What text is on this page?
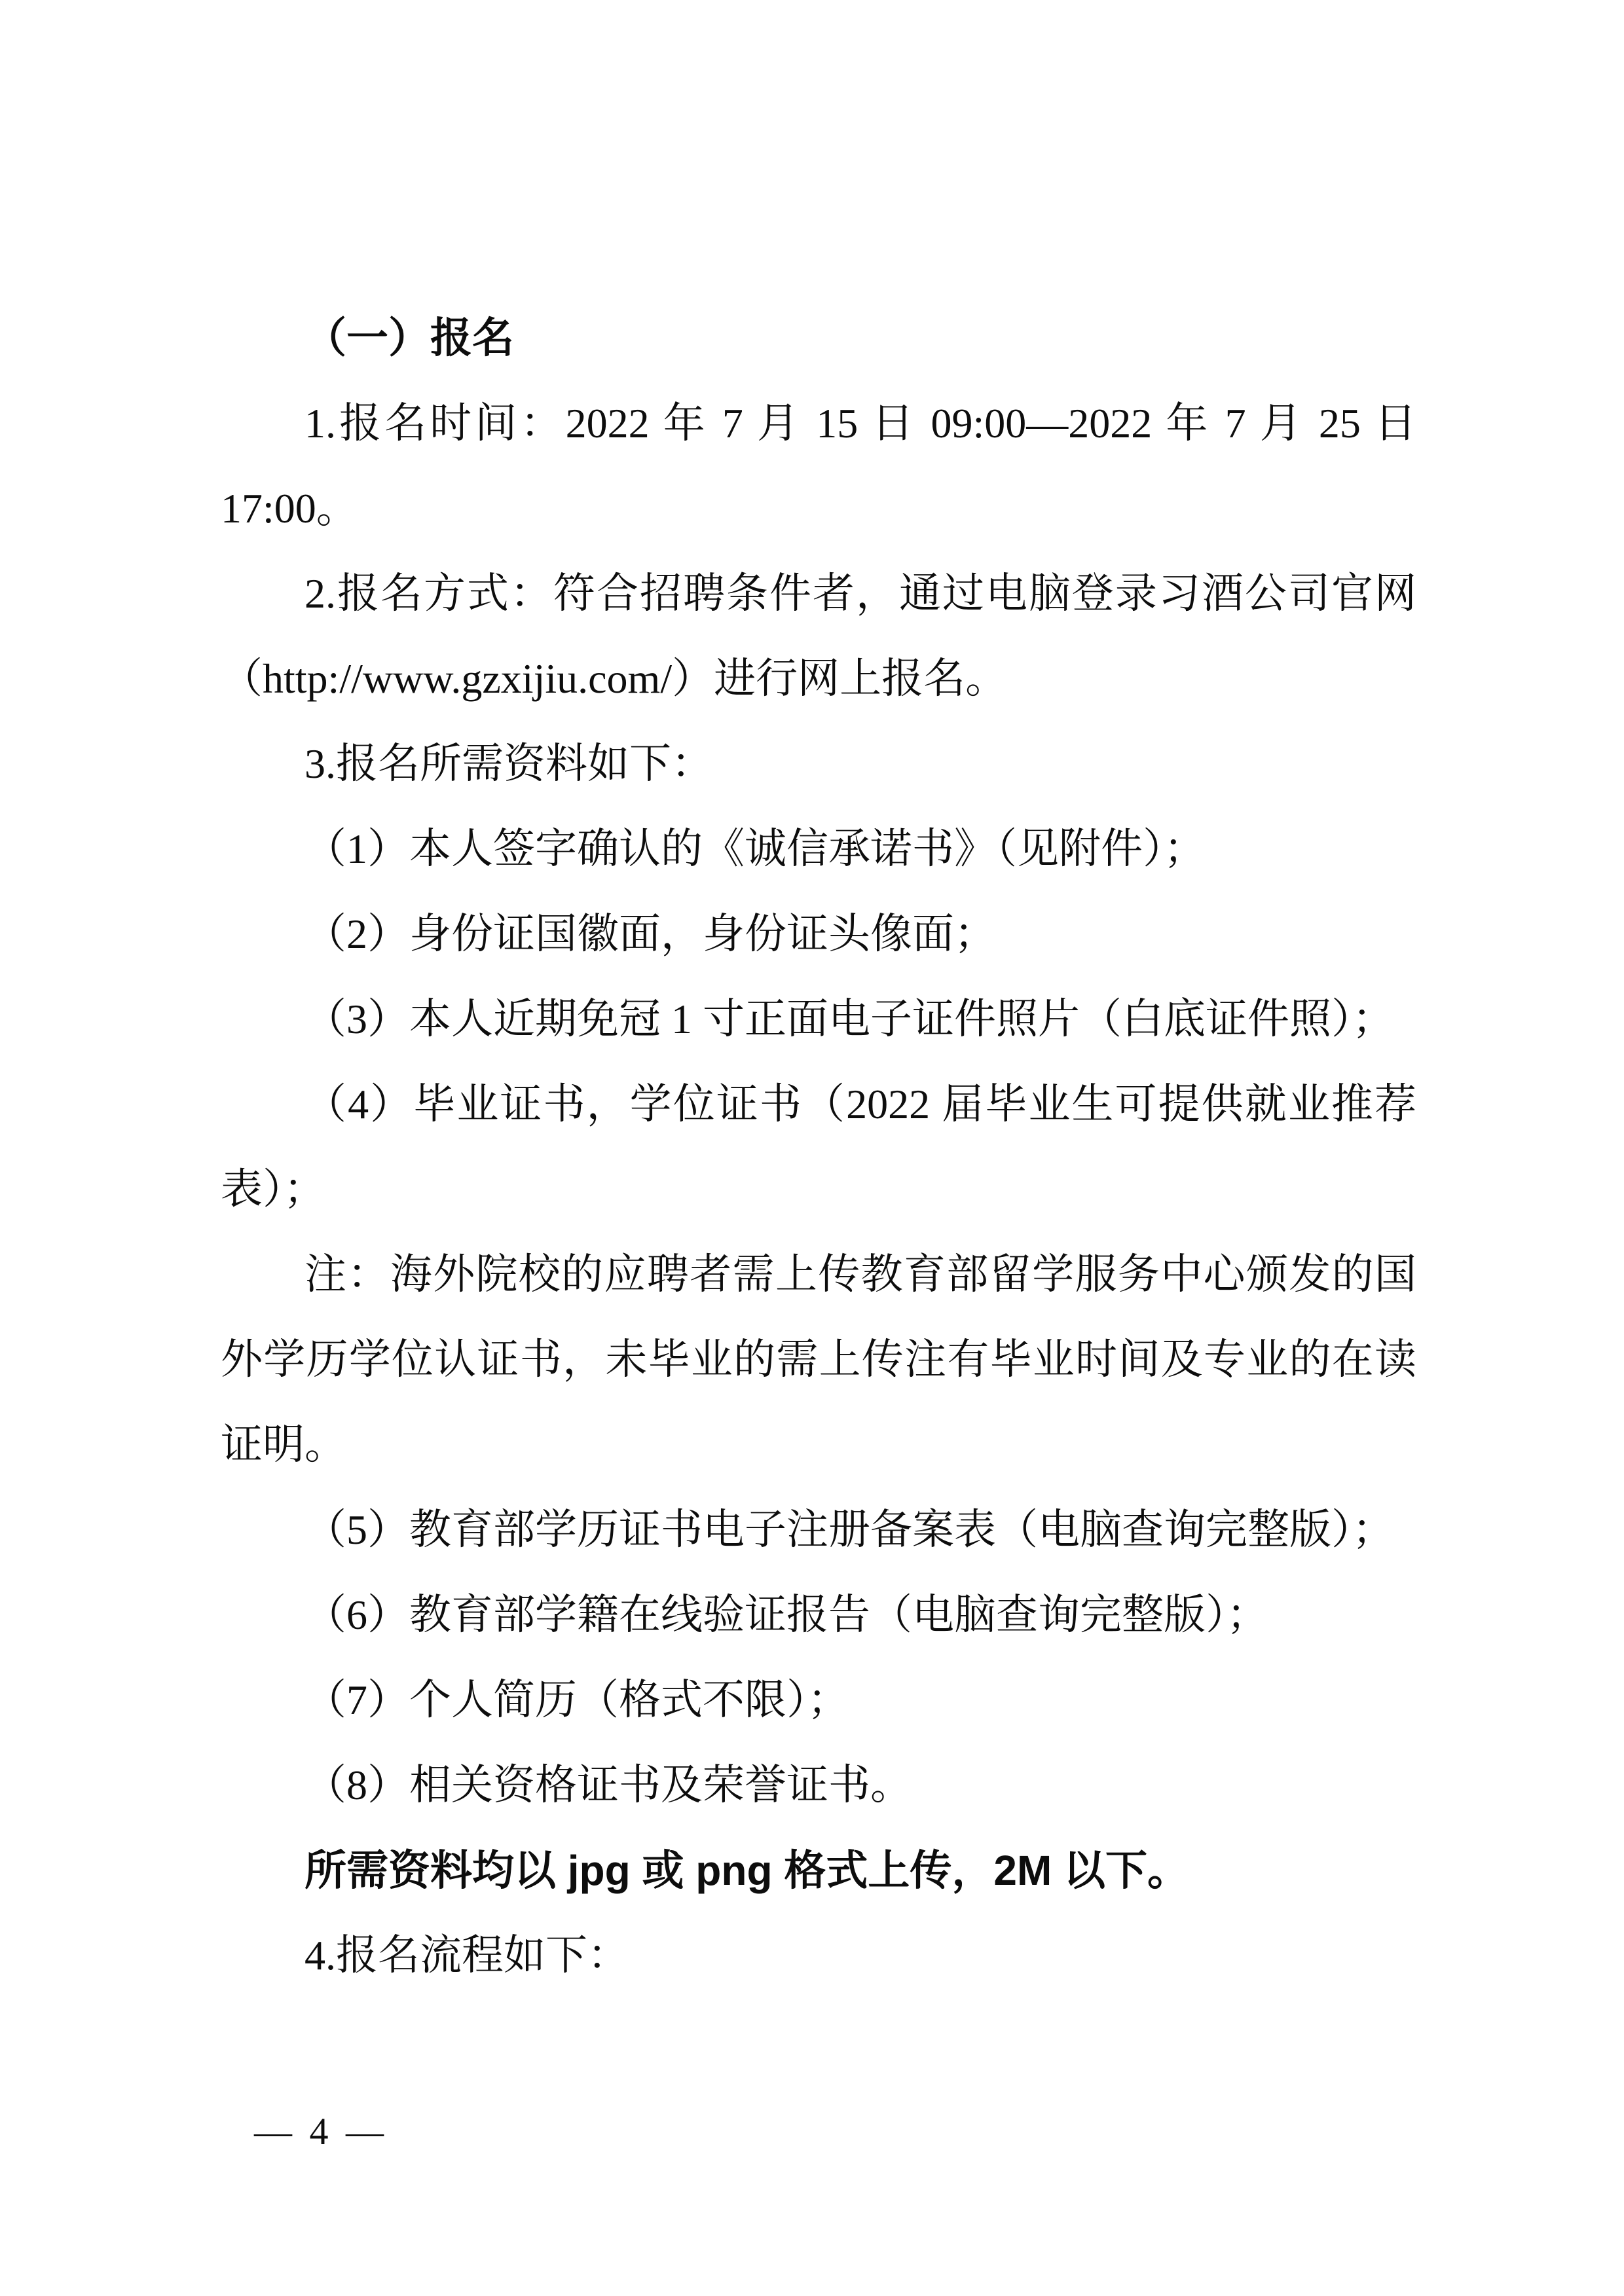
（一）报名

1.报名时间：2022 年 7 月 15 日 09:00—2022 年 7 月 25 日 17:00。

2.报名方式：符合招聘条件者，通过电脑登录习酒公司官网（http://www.gzxijiu.com/）进行网上报名。

3.报名所需资料如下：

（1）本人签字确认的《诚信承诺书》（见附件）；

（2）身份证国徽面，身份证头像面；

（3）本人近期免冠 1 寸正面电子证件照片（白底证件照）；

（4）毕业证书，学位证书（2022 届毕业生可提供就业推荐表）；

注：海外院校的应聘者需上传教育部留学服务中心颁发的国外学历学位认证书，未毕业的需上传注有毕业时间及专业的在读证明。

（5）教育部学历证书电子注册备案表（电脑查询完整版）；

（6）教育部学籍在线验证报告（电脑查询完整版）；

（7）个人简历（格式不限）；

（8）相关资格证书及荣誉证书。

所需资料均以 jpg 或 png 格式上传，2M 以下。

4.报名流程如下：

— 4 —
